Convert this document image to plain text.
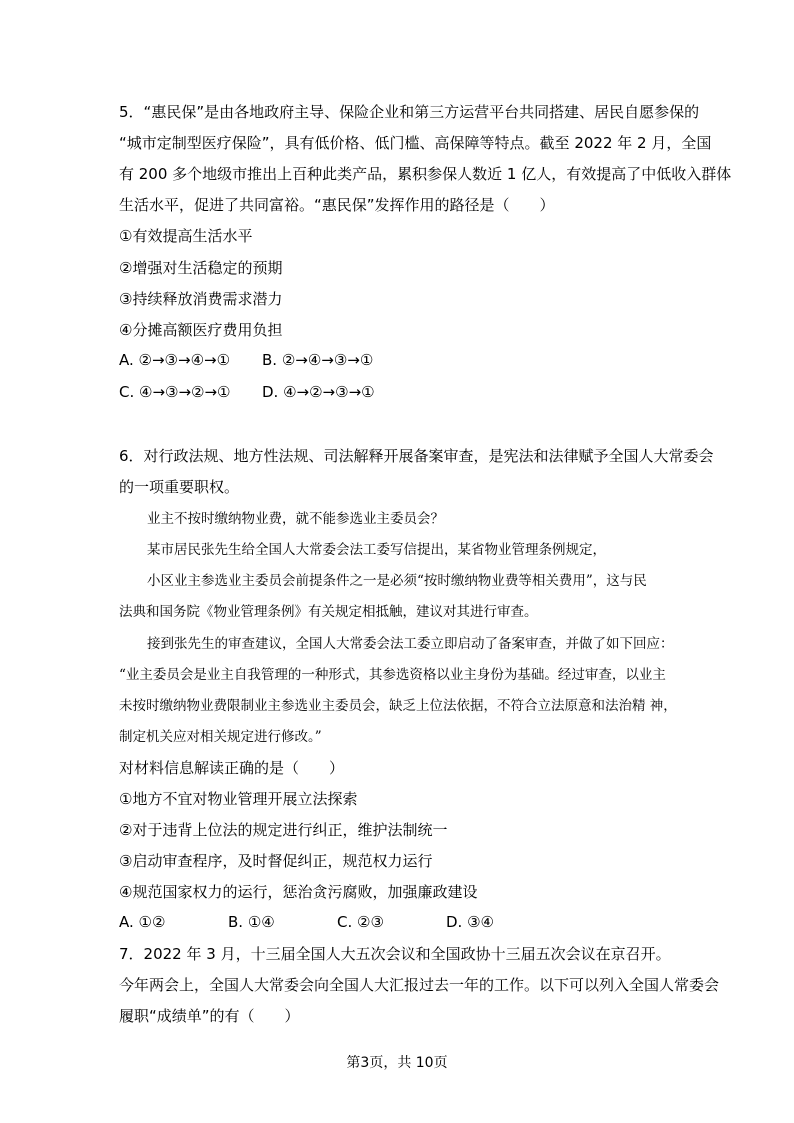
5．“惠民保”是由各地政府主导、保险企业和第三方运营平台共同搭建、居民自愿参保的
“城市定制型医疗保险”，具有低价格、低门槛、高保障等特点。截至 2022 年 2 月，全国
有 200 多个地级市推出上百种此类产品，累积参保人数近 1 亿人，有效提高了中低收入群体
生活水平，促进了共同富裕。“惠民保”发挥作用的路径是（　　）
①有效提高生活水平
②增强对生活稳定的预期
③持续释放消费需求潜力
④分摊高额医疗费用负担
A. ②→③→④→① B. ②→④→③→①
C. ④→③→②→① D. ④→②→③→①
6．对行政法规、地方性法规、司法解释开展备案审查，是宪法和法律赋予全国人大常委会
的一项重要职权。
业主不按时缴纳物业费，就不能参选业主委员会？
某市居民张先生给全国人大常委会法工委写信提出，某省物业管理条例规定，
小区业主参选业主委员会前提条件之一是必须“按时缴纳物业费等相关费用”，这与民
法典和国务院《物业管理条例》有关规定相抵触，建议对其进行审查。
接到张先生的审查建议，全国人大常委会法工委立即启动了备案审查，并做了如下回应：
“业主委员会是业主自我管理的一种形式，其参选资格以业主身份为基础。经过审查，以业主
未按时缴纳物业费限制业主参选业主委员会，缺乏上位法依据，不符合立法原意和法治精 神，
制定机关应对相关规定进行修改。”
对材料信息解读正确的是（　　）
①地方不宜对物业管理开展立法探索
②对于违背上位法的规定进行纠正，维护法制统一
③启动审查程序，及时督促纠正，规范权力运行
④规范国家权力的运行，惩治贪污腐败，加强廉政建设
A. ①②	B. ①④	C. ②③	D. ③④
7．2022 年 3 月，十三届全国人大五次会议和全国政协十三届五次会议在京召开。
今年两会上，全国人大常委会向全国人大汇报过去一年的工作。以下可以列入全国人常委会
履职“成绩单”的有（　　）
第3页，共 10页
